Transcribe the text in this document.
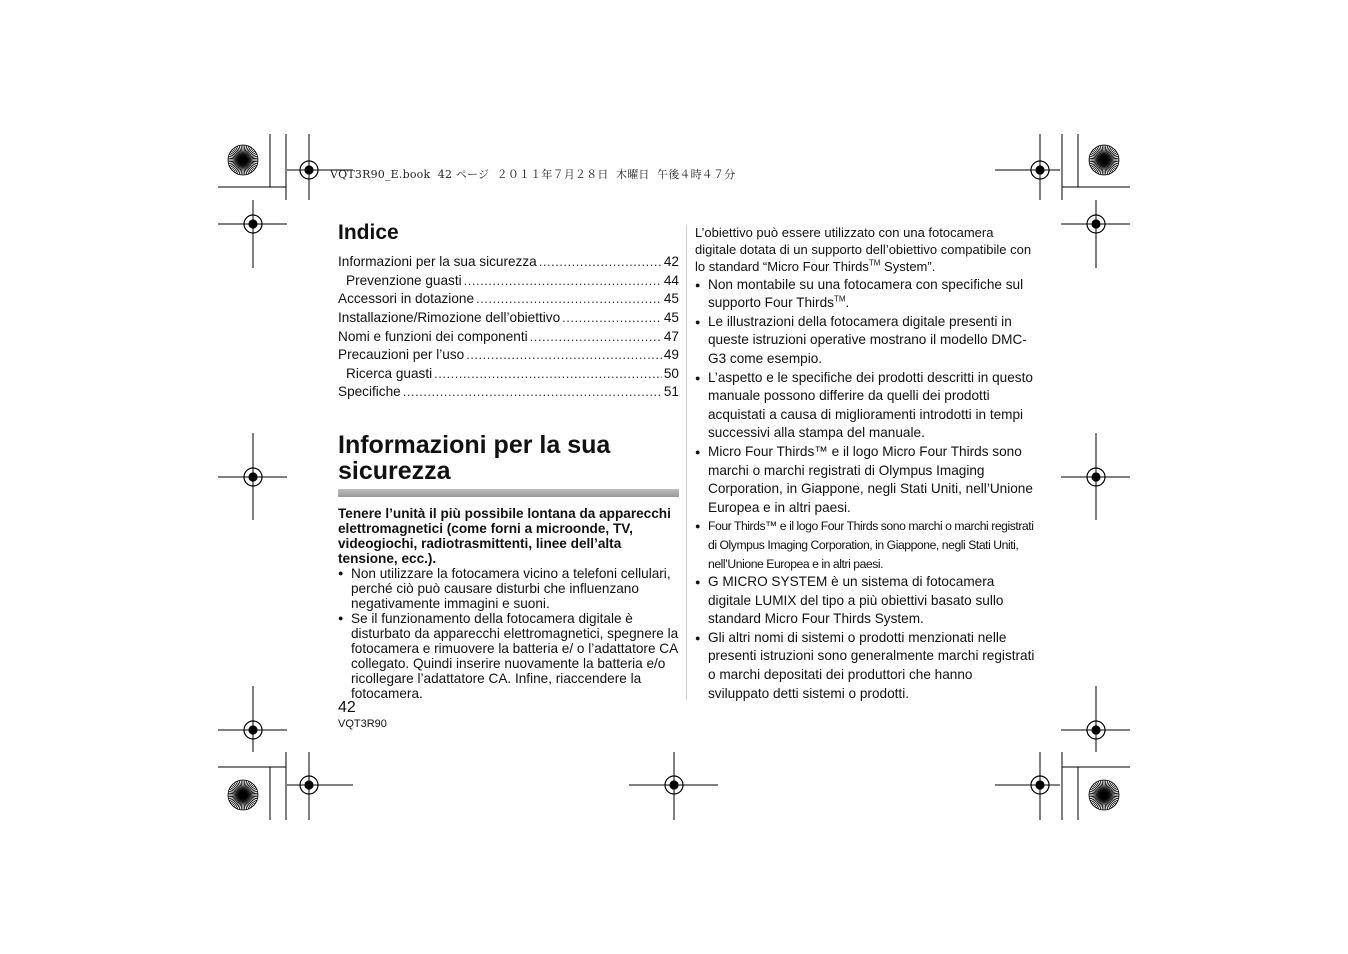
VQT3R90_E.book  42 ページ  ２０１１年７月２８日  木曜日  午後４時４７分
Indice
Informazioni per la sua sicurezza .....	42
Prevenzione guasti .....	44
Accessori in dotazione .....	45
Installazione/Rimozione dell’obiettivo .....	45
Nomi e funzioni dei componenti .....	47
Precauzioni per l’uso .....	49
Ricerca guasti .....	50
Specifiche .....	51
Informazioni per la sua
sicurezza
Tenere l’unità il più possibile lontana da apparecchi elettromagnetici (come forni a microonde, TV, videogiochi, radiotrasmittenti, linee dell’alta tensione, ecc.).
● Non utilizzare la fotocamera vicino a telefoni cellulari, perché ciò può causare disturbi che influenzano negativamente immagini e suoni.
● Se il funzionamento della fotocamera digitale è disturbato da apparecchi elettromagnetici, spegnere la fotocamera e rimuovere la batteria e/ o l’adattatore CA collegato. Quindi inserire nuovamente la batteria e/o ricollegare l’adattatore CA. Infine, riaccendere la fotocamera.
42
VQT3R90

L’obiettivo può essere utilizzato con una fotocamera digitale dotata di un supporto dell’obiettivo compatibile con lo standard “Micro Four Thirds™ System”.

● Non montabile su una fotocamera con specifiche sul supporto Four Thirds™.
● Le illustrazioni della fotocamera digitale presenti in queste istruzioni operative mostrano il modello DMC-G3 come esempio.
● L’aspetto e le specifiche dei prodotti descritti in questo manuale possono differire da quelli dei prodotti acquistati a causa di miglioramenti introdotti in tempi successivi alla stampa del manuale.
● Micro Four Thirds™ e il logo Micro Four Thirds sono marchi o marchi registrati di Olympus Imaging Corporation, in Giappone, negli Stati Uniti, nell’Unione Europea e in altri paesi.
● Four Thirds™ e il logo Four Thirds sono marchi o marchi registrati di Olympus Imaging Corporation, in Giappone, negli Stati Uniti, nell’Unione Europea e in altri paesi.
● G MICRO SYSTEM è un sistema di fotocamera digitale LUMIX del tipo a più obiettivi basato sullo standard Micro Four Thirds System.
● Gli altri nomi di sistemi o prodotti menzionati nelle presenti istruzioni sono generalmente marchi registrati o marchi depositati dei produttori che hanno sviluppato detti sistemi o prodotti.
